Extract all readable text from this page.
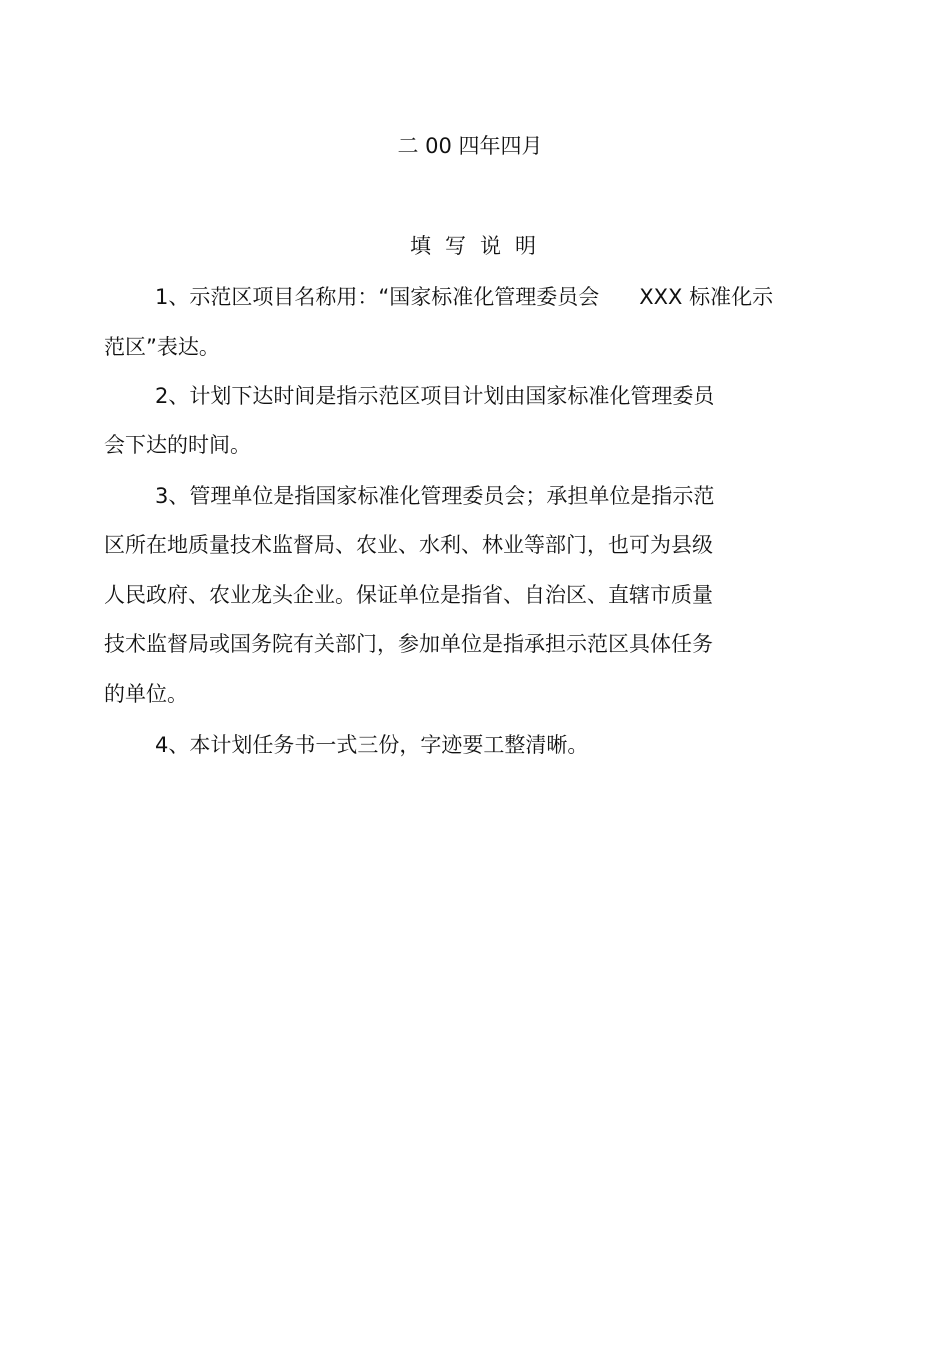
二 00 四年四月
填写说明
1、示范区项目名称用：“国家标准化管理委员会 XXX 标准化示
范区”表达。
2、计划下达时间是指示范区项目计划由国家标准化管理委员
会下达的时间。
3、管理单位是指国家标准化管理委员会；承担单位是指示范
区所在地质量技术监督局、农业、水利、林业等部门，也可为县级
人民政府、农业龙头企业。保证单位是指省、自治区、直辖市质量
技术监督局或国务院有关部门，参加单位是指承担示范区具体任务
的单位。
4、本计划任务书一式三份，字迹要工整清晰。
